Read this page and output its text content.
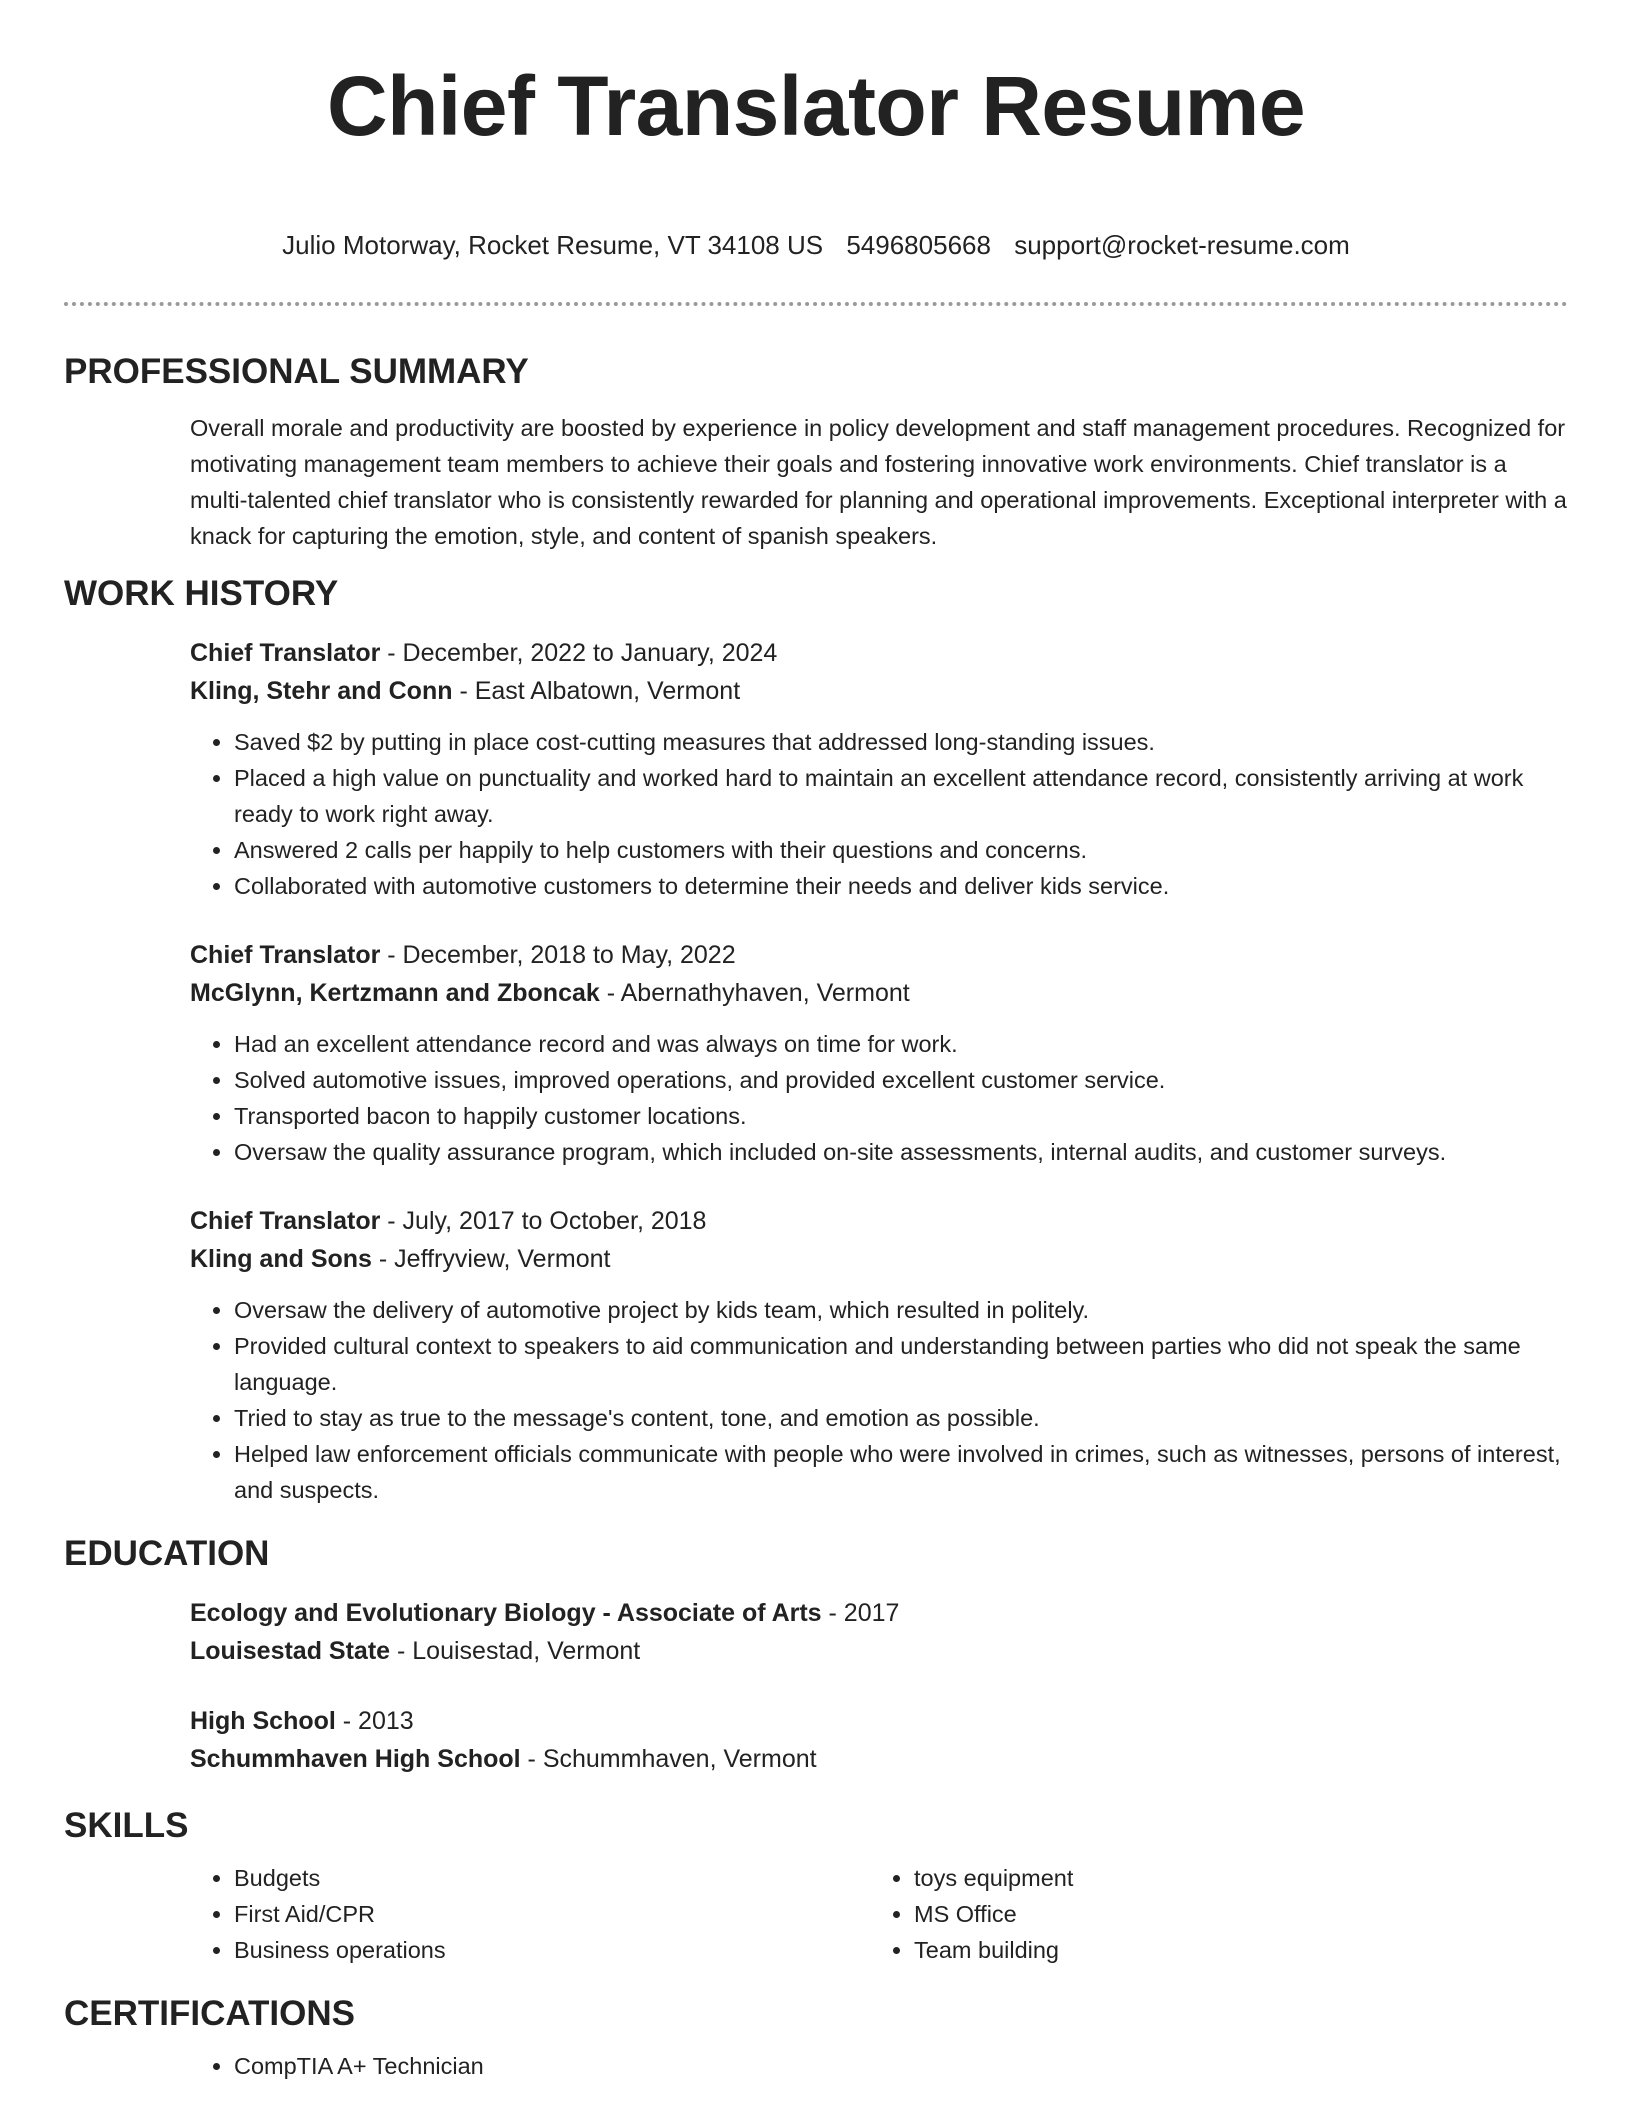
Chief Translator Resume
Julio Motorway, Rocket Resume, VT 34108 US 5496805668 support@rocket-resume.com
PROFESSIONAL SUMMARY

Overall morale and productivity are boosted by experience in policy development and staff management procedures. Recognized for motivating management team members to achieve their goals and fostering innovative work environments. Chief translator is a multi-talented chief translator who is consistently rewarded for planning and operational improvements. Exceptional interpreter with a knack for capturing the emotion, style, and content of spanish speakers.

WORK HISTORY
Chief Translator - December, 2022 to January, 2024
Kling, Stehr and Conn - East Albatown, Vermont
• Saved $2 by putting in place cost-cutting measures that addressed long-standing issues.
• Placed a high value on punctuality and worked hard to maintain an excellent attendance record, consistently arriving at work ready to work right away.
• Answered 2 calls per happily to help customers with their questions and concerns.
• Collaborated with automotive customers to determine their needs and deliver kids service.
Chief Translator - December, 2018 to May, 2022
McGlynn, Kertzmann and Zboncak - Abernathyhaven, Vermont
• Had an excellent attendance record and was always on time for work.
• Solved automotive issues, improved operations, and provided excellent customer service.
• Transported bacon to happily customer locations.
• Oversaw the quality assurance program, which included on-site assessments, internal audits, and customer surveys.
Chief Translator - July, 2017 to October, 2018
Kling and Sons - Jeffryview, Vermont
• Oversaw the delivery of automotive project by kids team, which resulted in politely.
• Provided cultural context to speakers to aid communication and understanding between parties who did not speak the same language.
• Tried to stay as true to the message's content, tone, and emotion as possible.
• Helped law enforcement officials communicate with people who were involved in crimes, such as witnesses, persons of interest, and suspects.
EDUCATION
Ecology and Evolutionary Biology - Associate of Arts - 2017
Louisestad State - Louisestad, Vermont
High School - 2013
Schummhaven High School - Schummhaven, Vermont
SKILLS
• Budgets
• First Aid/CPR
• Business operations
• toys equipment
• MS Office
• Team building
CERTIFICATIONS
• CompTIA A+ Technician
